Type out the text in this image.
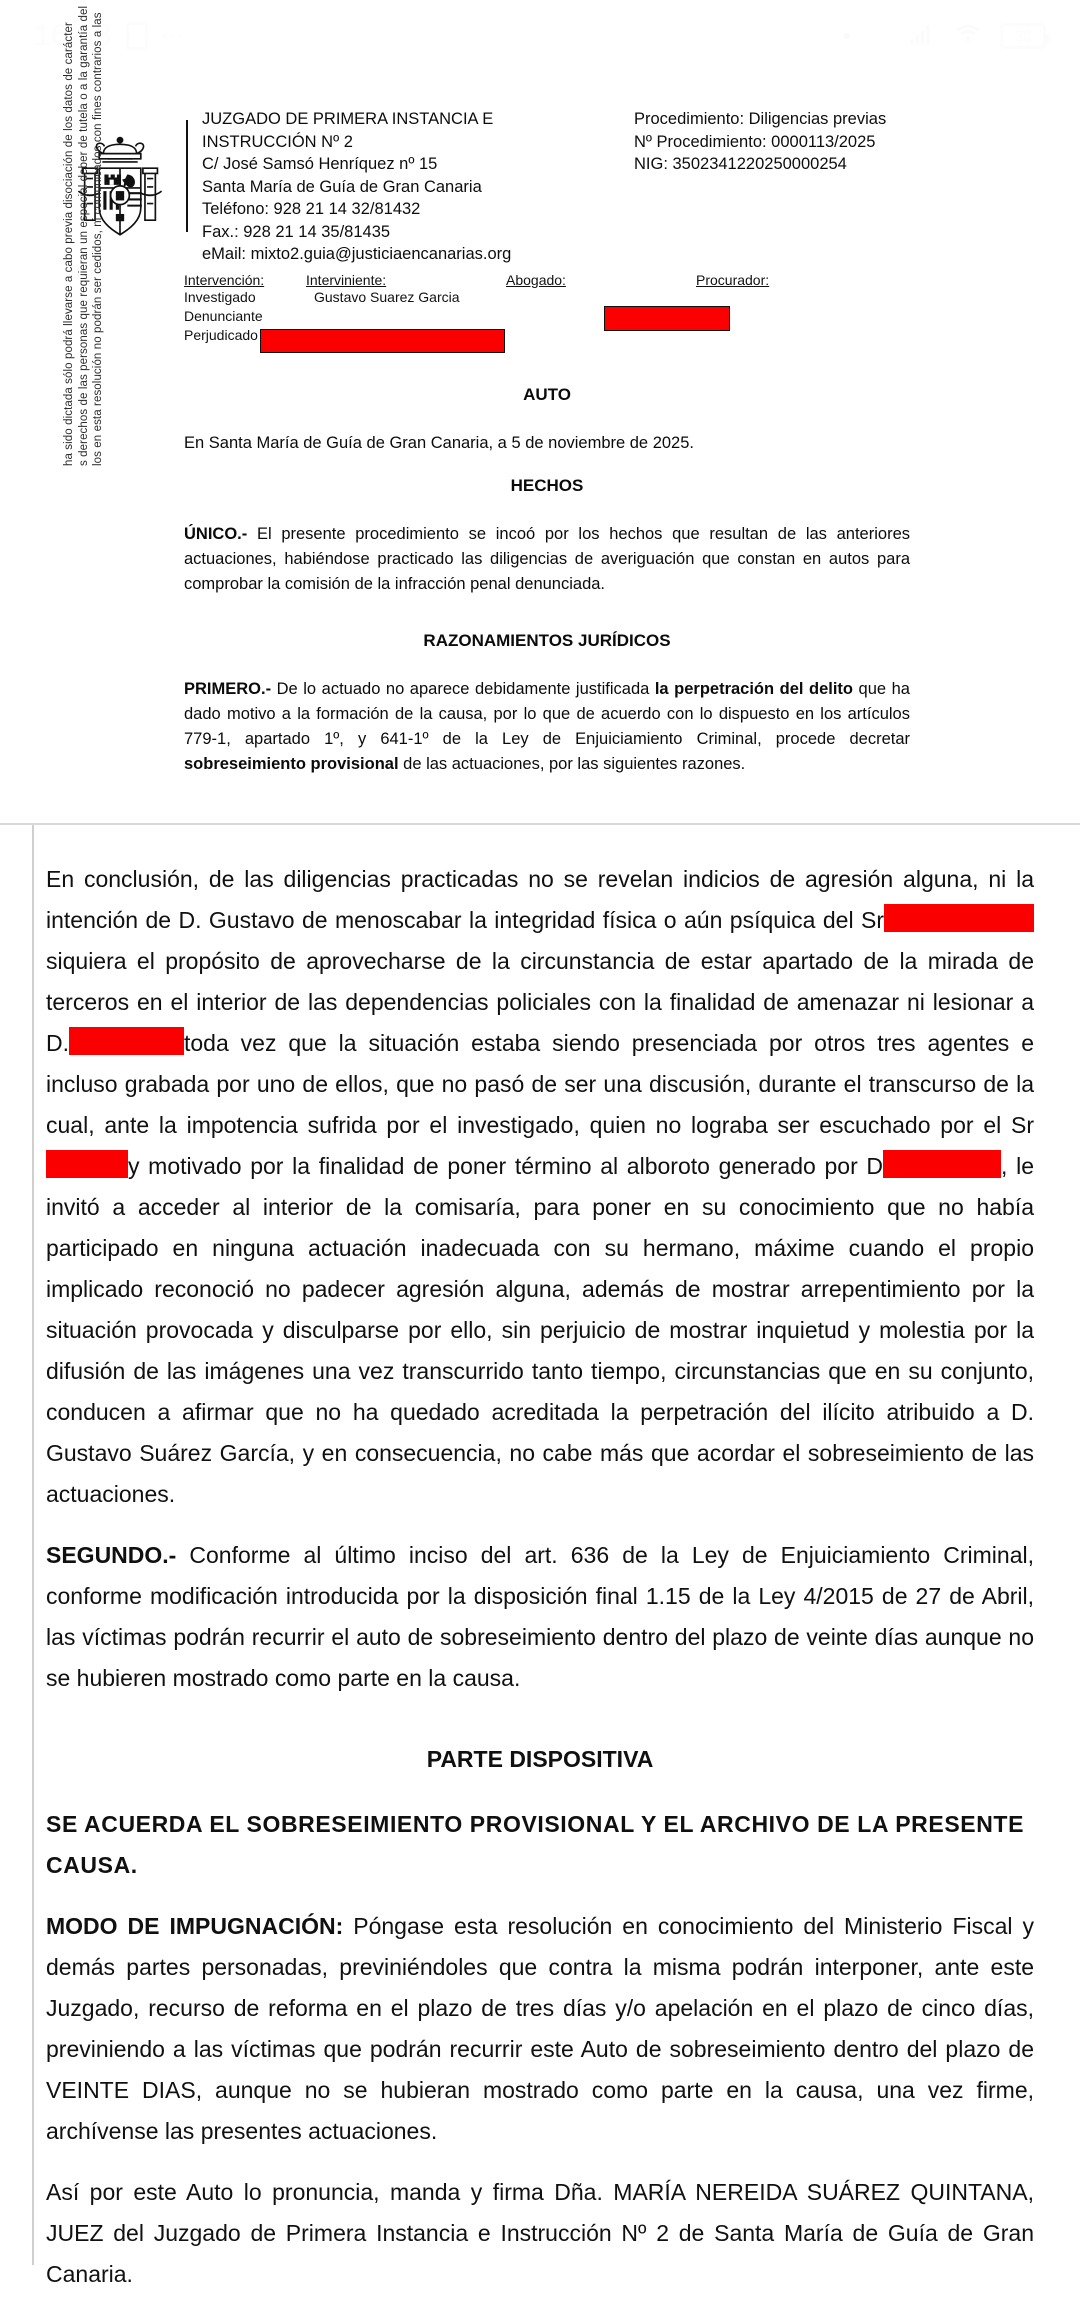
16:58 ⋯	30
ha sido dictada sólo podrá llevarse a cabo previa disociación de los datos de carácter s derechos de las personas que requieran un especial deber de tutela o a la garantía del los en esta resolución no podrán ser cedidos, ni comunicados con fines contrarios a las	JUZGADO DE PRIMERA INSTANCIA E
INSTRUCCIÓN Nº 2
C/ José Samsó Henríquez nº 15
Santa María de Guía de Gran Canaria
Teléfono: 928 21 14 32/81432
Fax.: 928 21 14 35/81435
eMail: mixto2.guia@justiciaencanarias.org
Procedimiento: Diligencias previas
Nº Procedimiento: 0000113/2025
NIG: 3502341220250000254
Intervención:	Interviniente:	Abogado:	Procurador:
Investigado	Gustavo Suarez Garcia
Denunciante
Perjudicado
AUTO

En Santa María de Guía de Gran Canaria, a 5 de noviembre de 2025.

HECHOS

ÚNICO.- El presente procedimiento se incoó por los hechos que resultan de las anteriores actuaciones, habiéndose practicado las diligencias de averiguación que constan en autos para comprobar la comisión de la infracción penal denunciada.

RAZONAMIENTOS JURÍDICOS

PRIMERO.- De lo actuado no aparece debidamente justificada la perpetración del delito que ha dado motivo a la formación de la causa, por lo que de acuerdo con lo dispuesto en los artículos 779-1, apartado 1º, y 641-1º de la Ley de Enjuiciamiento Criminal, procede decretar sobreseimiento provisional de las actuaciones, por las siguientes razones.

En conclusión, de las diligencias practicadas no se revelan indicios de agresión alguna, ni la intención de D. Gustavo de menoscabar la integridad física o aún psíquica del Sr siquiera el propósito de aprovecharse de la circunstancia de estar apartado de la mirada de terceros en el interior de las dependencias policiales con la finalidad de amenazar ni lesionar a D.	toda vez que la situación estaba siendo presenciada por otros tres agentes e incluso grabada por uno de ellos, que no pasó de ser una discusión, durante el transcurso de la cual, ante la impotencia sufrida por el investigado, quien no lograba ser escuchado por el Sry motivado por la finalidad de poner término al alboroto generado por D	, le invitó a acceder al interior de la comisaría, para poner en su conocimiento que no había participado en ninguna actuación inadecuada con su hermano, máxime cuando el propio implicado reconoció no padecer agresión alguna, además de mostrar arrepentimiento por la situación provocada y disculparse por ello, sin perjuicio de mostrar inquietud y molestia por la difusión de las imágenes una vez transcurrido tanto tiempo, circunstancias que en su conjunto, conducen a afirmar que no ha quedado acreditada la perpetración del ilícito atribuido a D. Gustavo Suárez García, y en consecuencia, no cabe más que acordar el sobreseimiento de las actuaciones.

SEGUNDO.- Conforme al último inciso del art. 636 de la Ley de Enjuiciamiento Criminal, conforme modificación introducida por la disposición final 1.15 de la Ley 4/2015 de 27 de Abril, las víctimas podrán recurrir el auto de sobreseimiento dentro del plazo de veinte días aunque no se hubieren mostrado como parte en la causa.

PARTE DISPOSITIVA

SE ACUERDA EL SOBRESEIMIENTO PROVISIONAL Y EL ARCHIVO DE LA PRESENTE CAUSA.

MODO DE IMPUGNACIÓN: Póngase esta resolución en conocimiento del Ministerio Fiscal y demás partes personadas, previniéndoles que contra la misma podrán interponer, ante este Juzgado, recurso de reforma en el plazo de tres días y/o apelación en el plazo de cinco días, previniendo a las víctimas que podrán recurrir este Auto de sobreseimiento dentro del plazo de VEINTE DIAS, aunque no se hubieran mostrado como parte en la causa, una vez firme, archívense las presentes actuaciones.

Así por este Auto lo pronuncia, manda y firma Dña. MARÍA NEREIDA SUÁREZ QUINTANA, JUEZ del Juzgado de Primera Instancia e Instrucción Nº 2 de Santa María de Guía de Gran Canaria.
